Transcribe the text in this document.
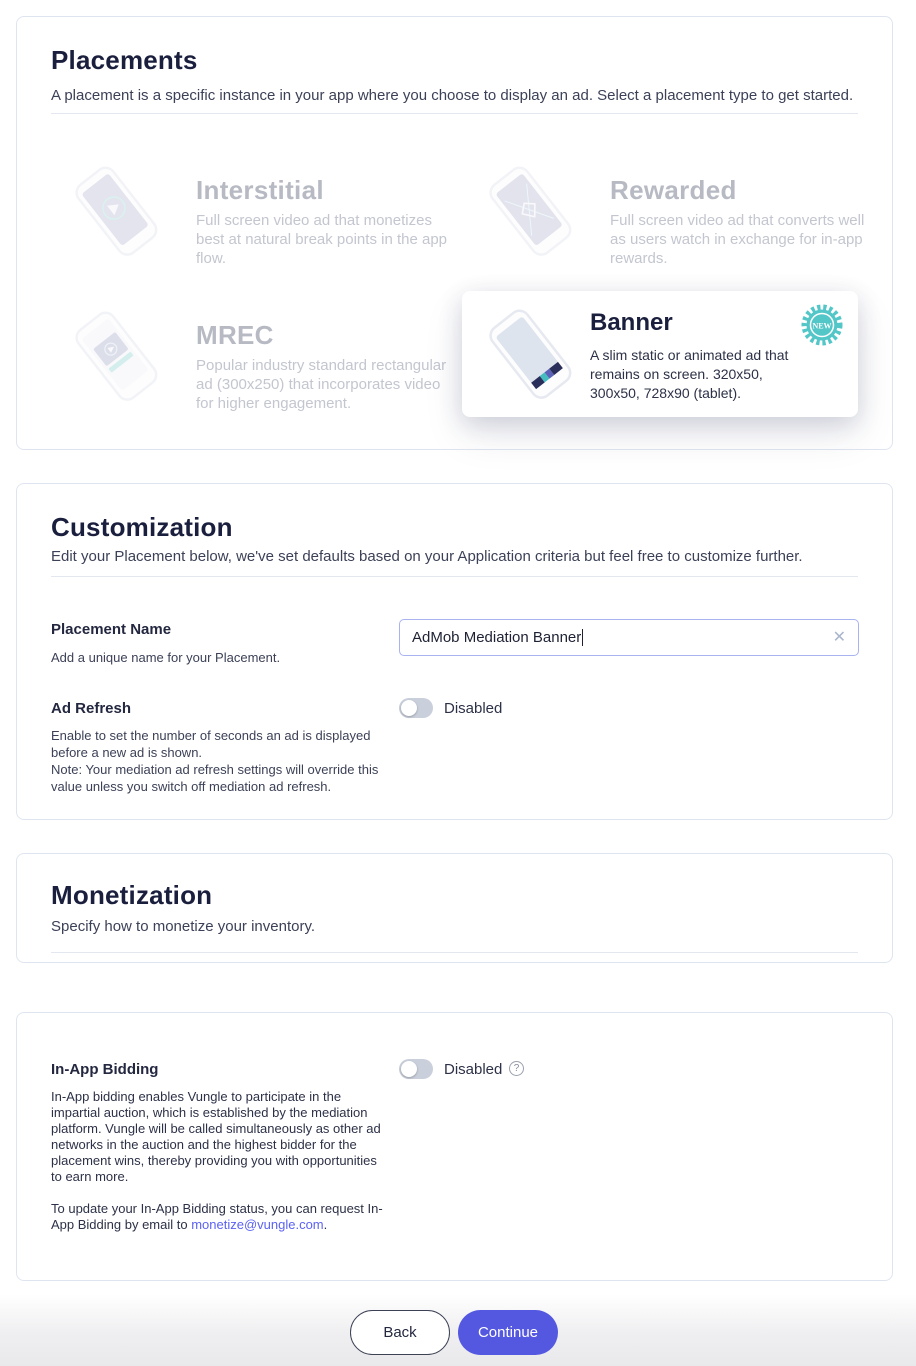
Placements
A placement is a specific instance in your app where you choose to display an ad. Select a placement type to get started.
Interstitial
Full screen video ad that monetizes best at natural break points in the app flow.
Rewarded
Full screen video ad that converts well as users watch in exchange for in-app rewards.
MREC
Popular industry standard rectangular ad (300x250) that incorporates video for higher engagement.
Banner
A slim static or animated ad that remains on screen. 320x50, 300x50, 728x90 (tablet).
NEW
Customization
Edit your Placement below, we've set defaults based on your Application criteria but feel free to customize further.
Placement Name
Add a unique name for your Placement.
AdMob Mediation Banner	✕
Ad Refresh	Disabled
Enable to set the number of seconds an ad is displayed before a new ad is shown.
Note: Your mediation ad refresh settings will override this value unless you switch off mediation ad refresh.
Monetization
Specify how to monetize your inventory.
In-App Bidding	Disabled	?
In-App bidding enables Vungle to participate in the impartial auction, which is established by the mediation platform. Vungle will be called simultaneously as other ad networks in the auction and the highest bidder for the placement wins, thereby providing you with opportunities to earn more.
To update your In-App Bidding status, you can request In-App Bidding by email to monetize@vungle.com.
Back	Continue
